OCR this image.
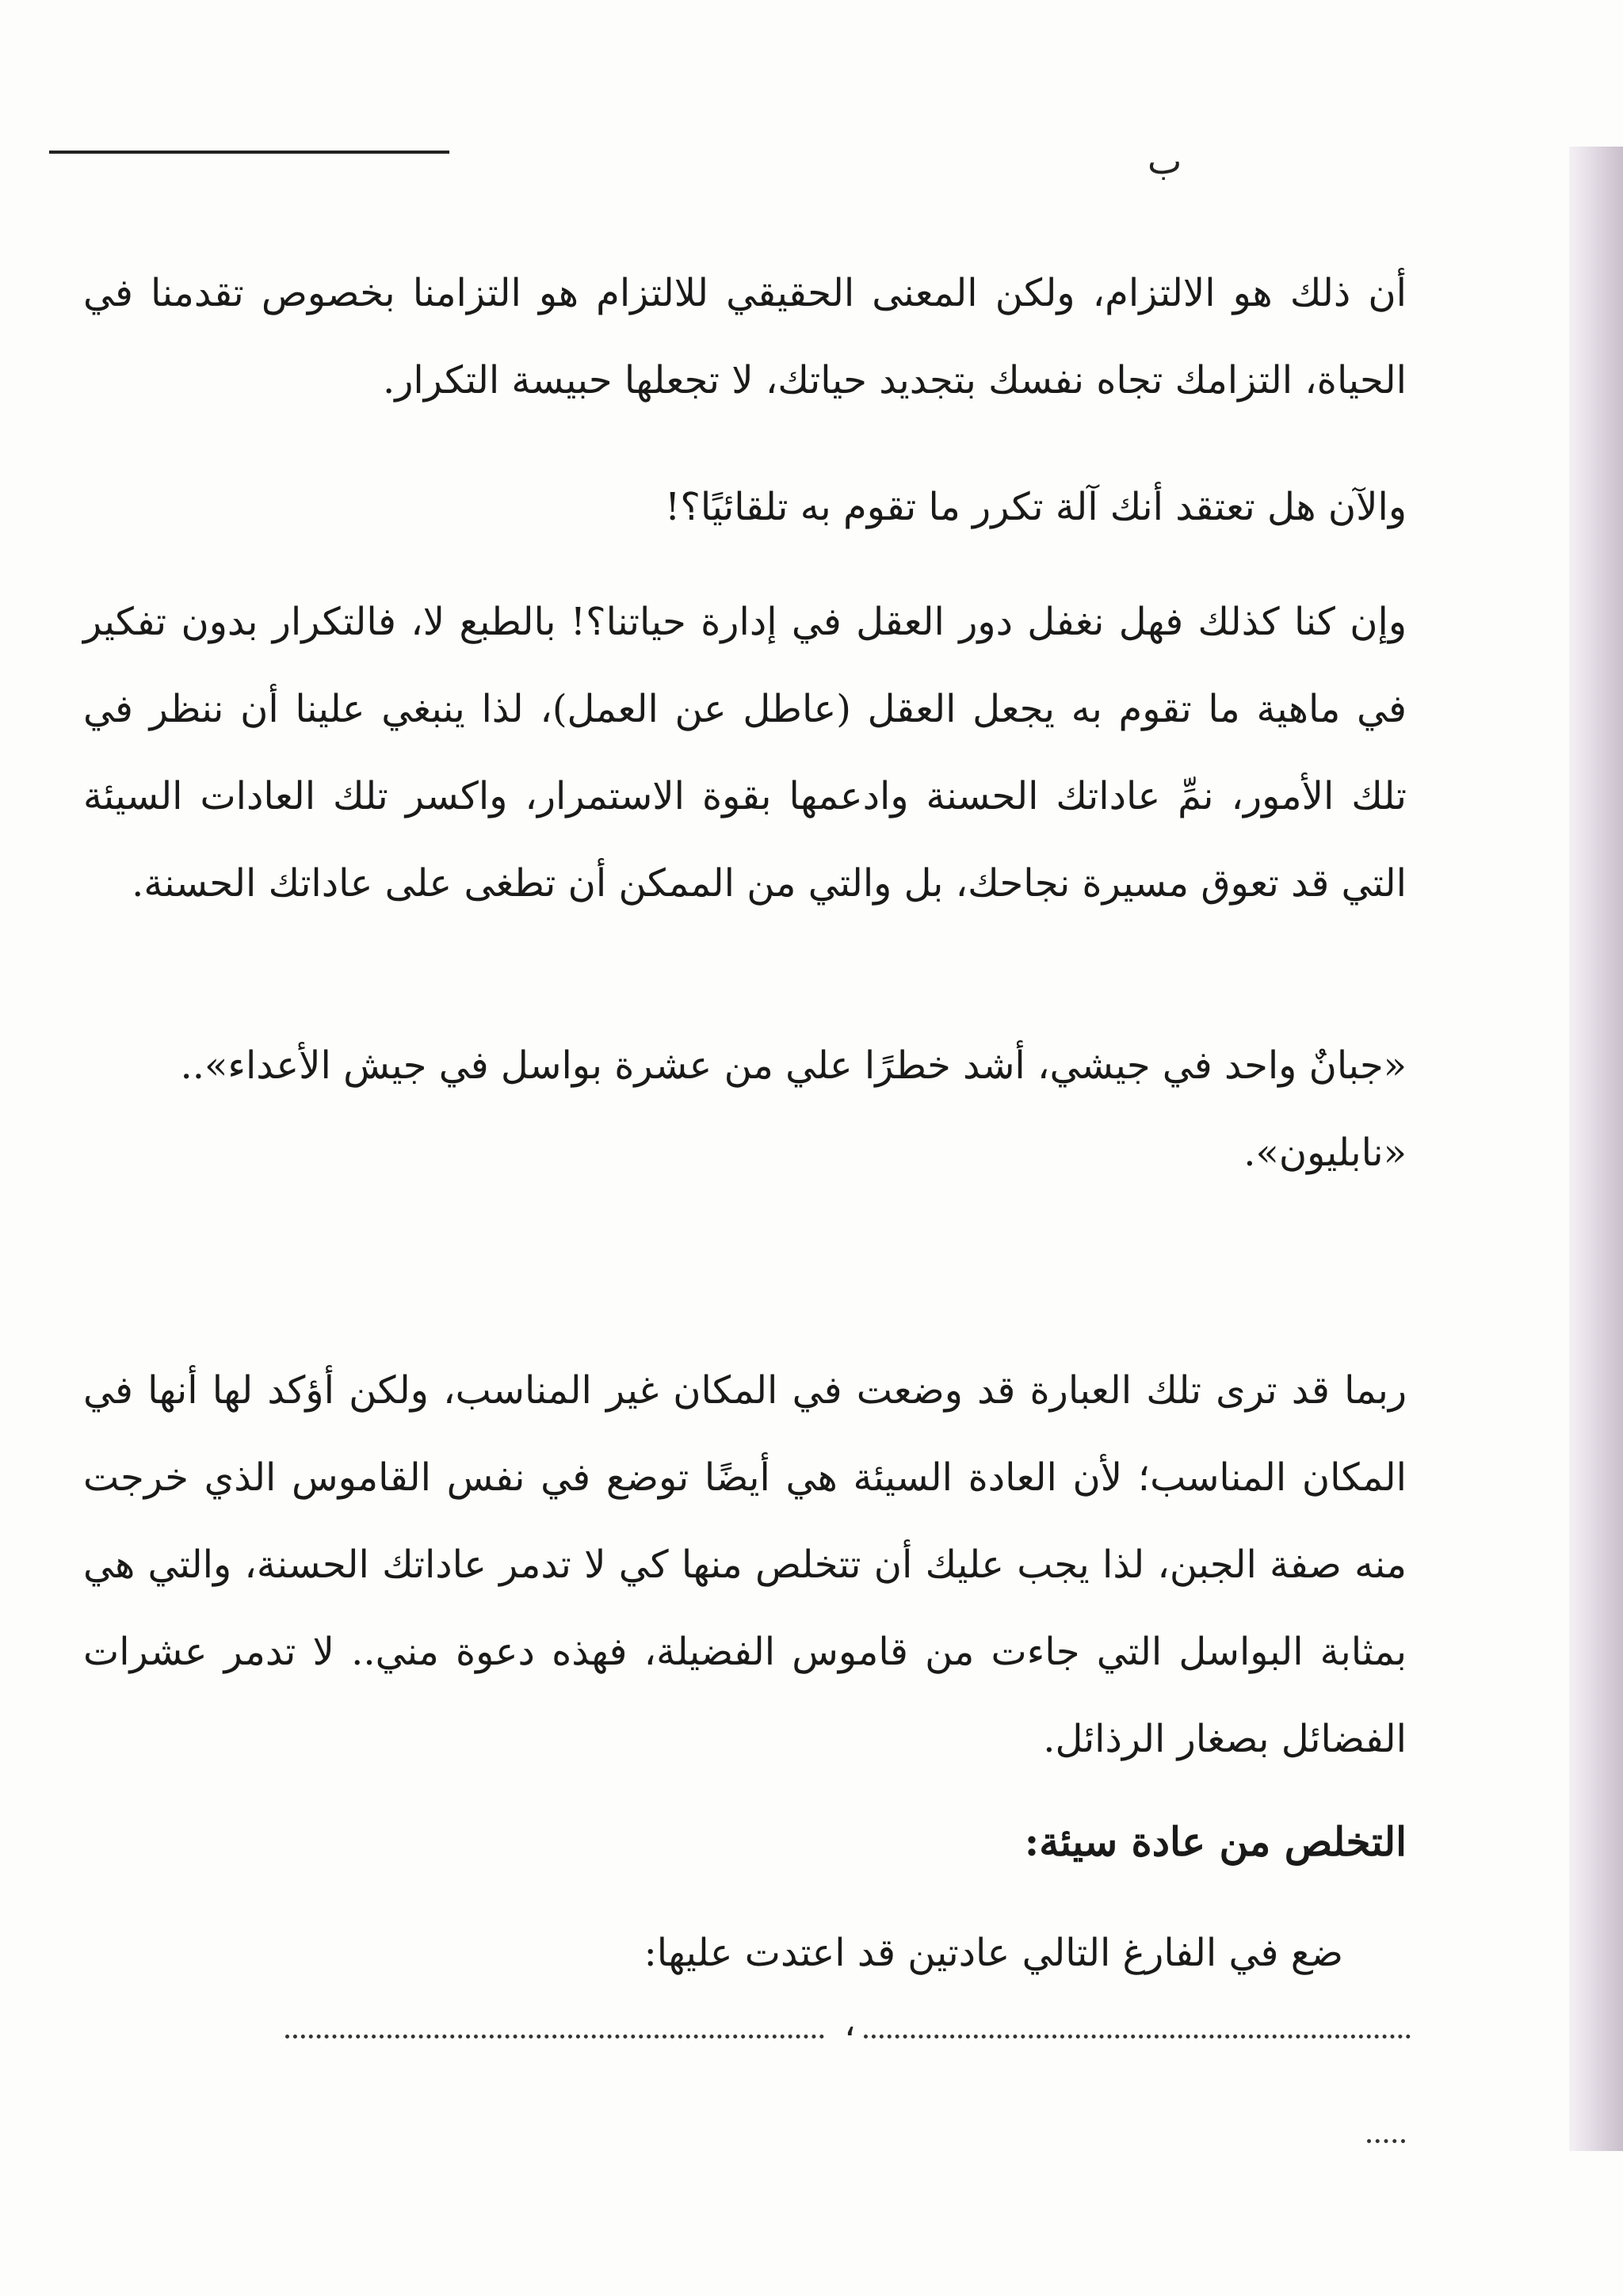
ب

أن ذلك هو الالتزام، ولكن المعنى الحقيقي للالتزام هو التزامنا بخصوص تقدمنا في الحياة، التزامك تجاه نفسك بتجديد حياتك، لا تجعلها حبيسة التكرار.

والآن هل تعتقد أنك آلة تكرر ما تقوم به تلقائيًا؟!

وإن كنا كذلك فهل نغفل دور العقل في إدارة حياتنا؟! بالطبع لا، فالتكرار بدون تفكير في ماهية ما تقوم به يجعل العقل (عاطل عن العمل)، لذا ينبغي علينا أن ننظر في تلك الأمور، نمِّ عاداتك الحسنة وادعمها بقوة الاستمرار، واكسر تلك العادات السيئة التي قد تعوق مسيرة نجاحك، بل والتي من الممكن أن تطغى على عاداتك الحسنة.

«جبانٌ واحد في جيشي، أشد خطرًا علي من عشرة بواسل في جيش الأعداء»..

«نابليون».

ربما قد ترى تلك العبارة قد وضعت في المكان غير المناسب، ولكن أؤكد لها أنها في المكان المناسب؛ لأن العادة السيئة هي أيضًا توضع في نفس القاموس الذي خرجت منه صفة الجبن، لذا يجب عليك أن تتخلص منها كي لا تدمر عاداتك الحسنة، والتي هي بمثابة البواسل التي جاءت من قاموس الفضيلة، فهذه دعوة مني.. لا تدمر عشرات الفضائل بصغار الرذائل.

التخلص من عادة سيئة:

ضع في الفارغ التالي عادتين قد اعتدت عليها:

،
